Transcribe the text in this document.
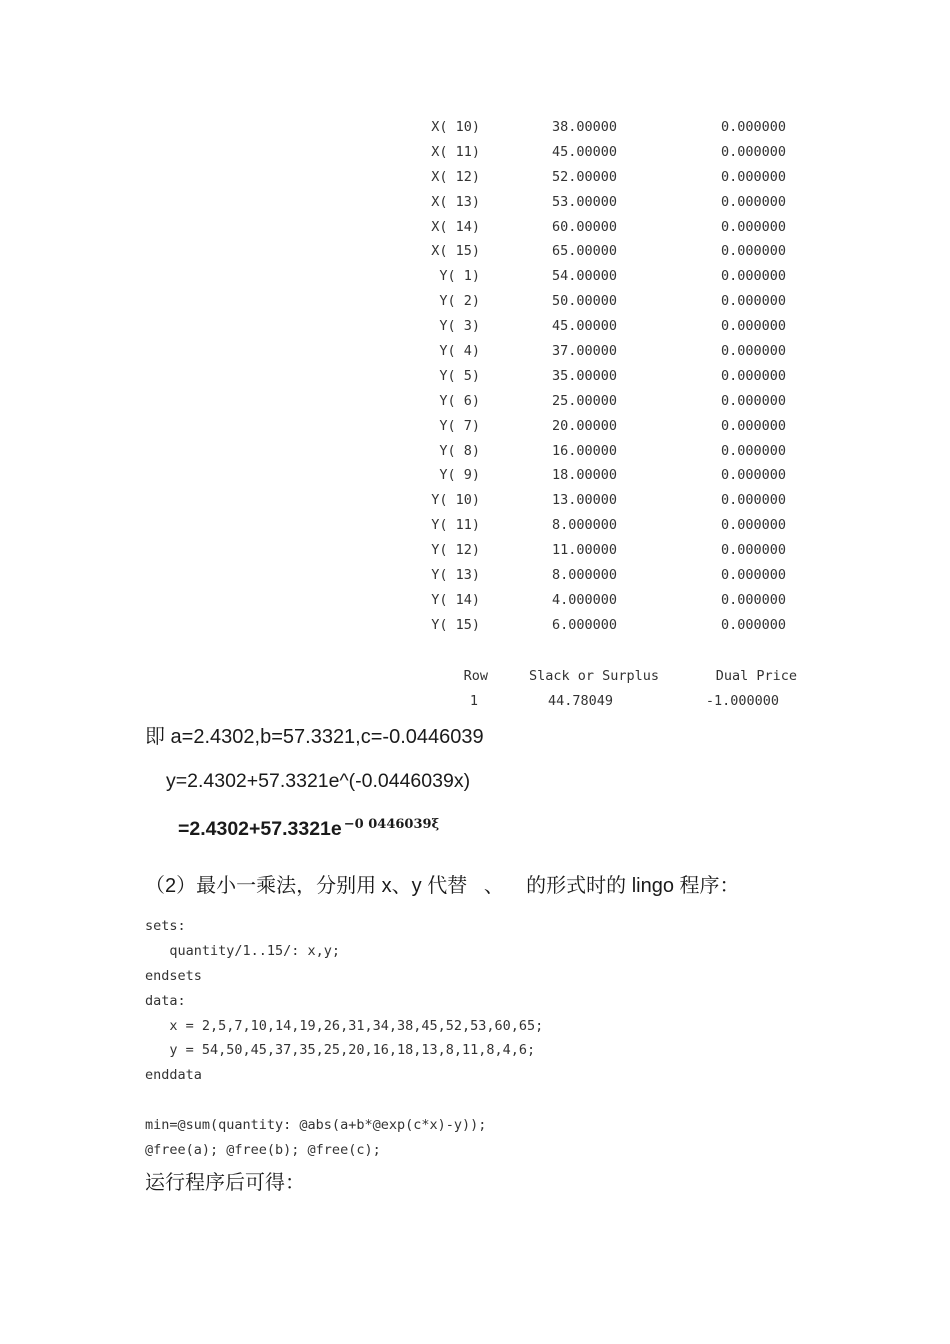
X( 10)	38.00000	0.000000
X( 11)	45.00000	0.000000
X( 12)	52.00000	0.000000
X( 13)	53.00000	0.000000
X( 14)	60.00000	0.000000
X( 15)	65.00000	0.000000
Y( 1)	54.00000	0.000000
Y( 2)	50.00000	0.000000
Y( 3)	45.00000	0.000000
Y( 4)	37.00000	0.000000
Y( 5)	35.00000	0.000000
Y( 6)	25.00000	0.000000
Y( 7)	20.00000	0.000000
Y( 8)	16.00000	0.000000
Y( 9)	18.00000	0.000000
Y( 10)	13.00000	0.000000
Y( 11)	8.000000	0.000000
Y( 12)	11.00000	0.000000
Y( 13)	8.000000	0.000000
Y( 14)	4.000000	0.000000
Y( 15)	6.000000	0.000000
Row	Slack or Surplus	Dual Price
1	44.78049	-1.000000
即 a=2.4302,b=57.3321,c=-0.0446039
y=2.4302+57.3321e^(-0.0446039x)
=2.4302+57.3321e $^{-0 0446039\xi}$
（2）最小一乘法，分别用 x、y 代替   、    的形式时的 lingo 程序：
sets:
quantity/1..15/: x,y;
endsets
data:
x = 2,5,7,10,14,19,26,31,34,38,45,52,53,60,65;
y = 54,50,45,37,35,25,20,16,18,13,8,11,8,4,6;
enddata
min=@sum(quantity: @abs(a+b*@exp(c*x)-y));
@free(a); @free(b); @free(c);
运行程序后可得：
